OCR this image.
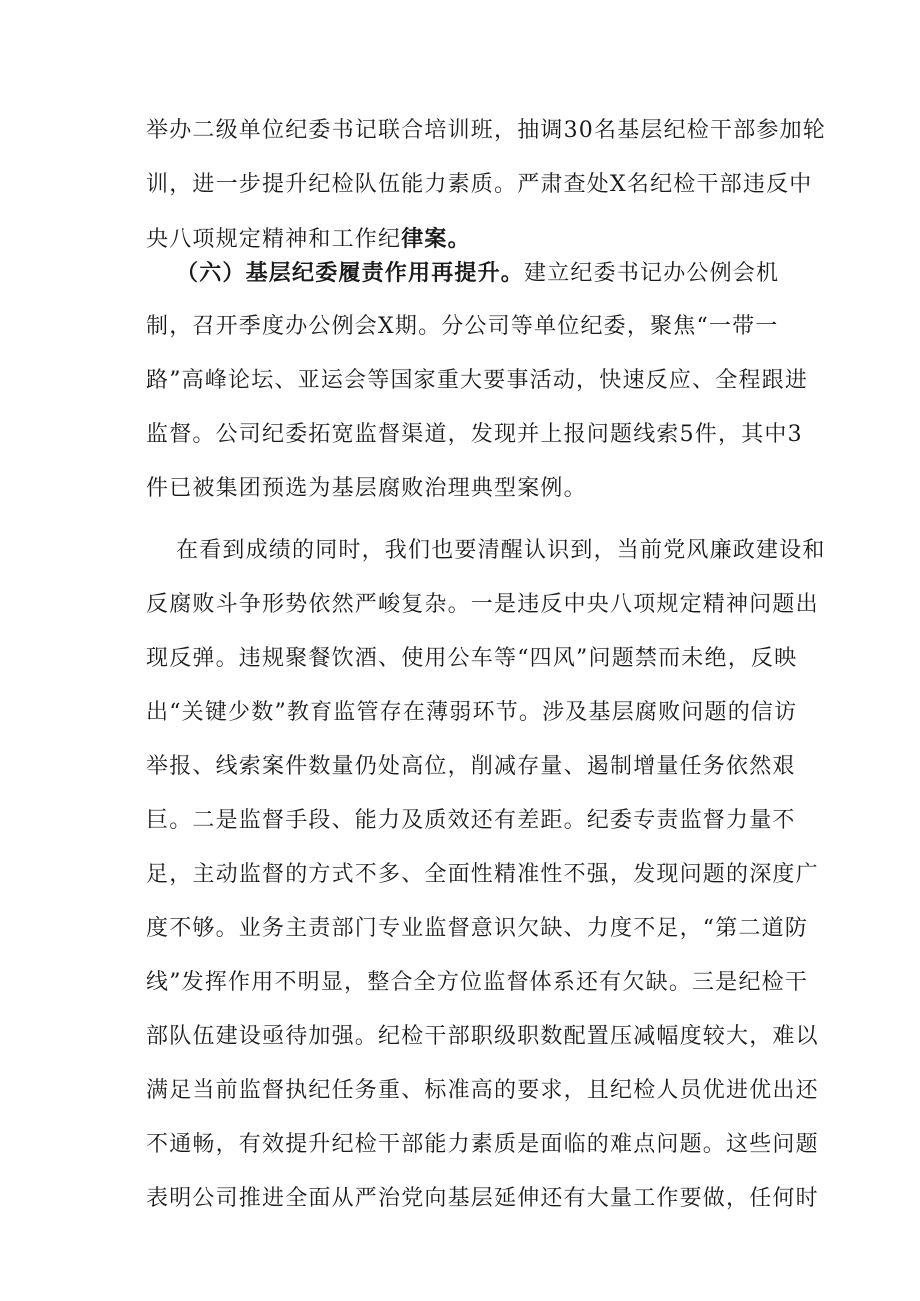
举办二级单位纪委书记联合培训班，抽调30名基层纪检干部参加轮
训，进一步提升纪检队伍能力素质。严肃查处X名纪检干部违反中
央八项规定精神和工作纪律案。
（六）基层纪委履责作用再提升。建立纪委书记办公例会机
制，召开季度办公例会X期。分公司等单位纪委，聚焦“一带一
路”高峰论坛、亚运会等国家重大要事活动，快速反应、全程跟进
监督。公司纪委拓宽监督渠道，发现并上报问题线索5件，其中3
件已被集团预选为基层腐败治理典型案例。
在看到成绩的同时，我们也要清醒认识到，当前党风廉政建设和
反腐败斗争形势依然严峻复杂。一是违反中央八项规定精神问题出
现反弹。违规聚餐饮酒、使用公车等“四风”问题禁而未绝，反映
出“关键少数”教育监管存在薄弱环节。涉及基层腐败问题的信访
举报、线索案件数量仍处高位，削减存量、遏制增量任务依然艰
巨。二是监督手段、能力及质效还有差距。纪委专责监督力量不
足，主动监督的方式不多、全面性精准性不强，发现问题的深度广
度不够。业务主责部门专业监督意识欠缺、力度不足，“第二道防
线”发挥作用不明显，整合全方位监督体系还有欠缺。三是纪检干
部队伍建设亟待加强。纪检干部职级职数配置压减幅度较大，难以
满足当前监督执纪任务重、标准高的要求，且纪检人员优进优出还
不通畅，有效提升纪检干部能力素质是面临的难点问题。这些问题
表明公司推进全面从严治党向基层延伸还有大量工作要做，任何时
